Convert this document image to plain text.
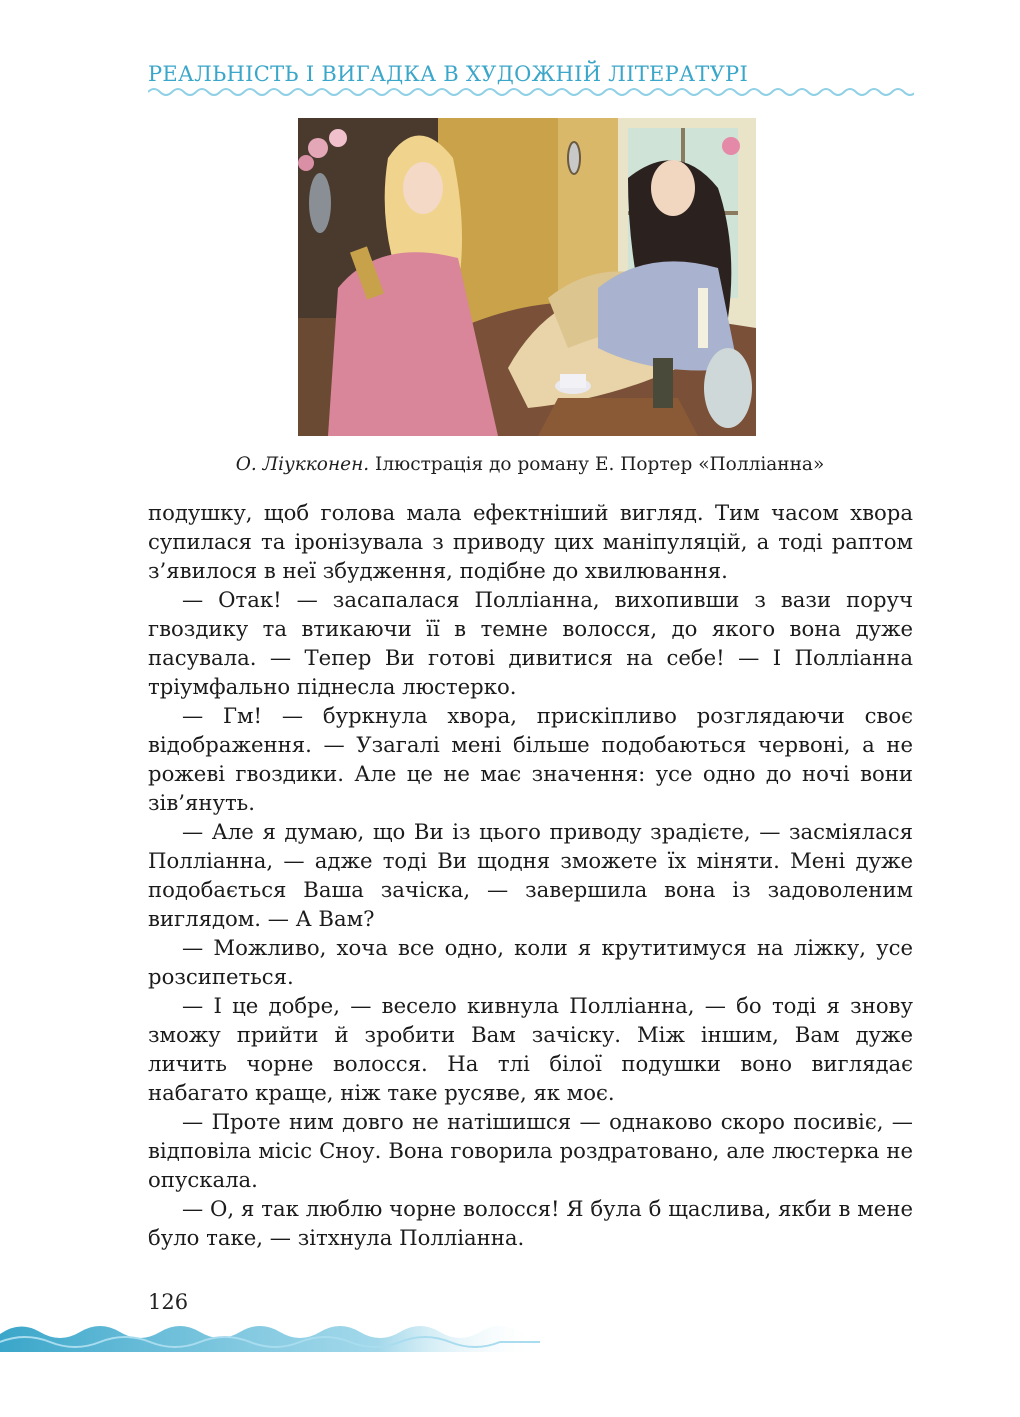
РЕАЛЬНІСТЬ І ВИГАДКА В ХУДОЖНІЙ ЛІТЕРАТУРІ
О. Ліукконен. Ілюстрація до роману Е. Портер «Полліанна»

подушку, щоб голова мала ефектніший вигляд. Тим часом хвора супилася та іронізувала з приводу цих маніпуляцій, а тоді раптом з’явилося в неї збудження, подібне до хвилювання.

— Отак! — засапалася Полліанна, вихопивши з вази поруч гвоздику та втикаючи її в темне волосся, до якого вона дуже пасувала. — Тепер Ви готові дивитися на себе! — І Полліанна тріумфально піднесла люстерко.

— Гм! — буркнула хвора, прискіпливо розглядаючи своє відображення. — Узагалі мені більше подобаються червоні, а не рожеві гвоздики. Але це не має значення: усе одно до ночі вони зів’януть.

— Але я думаю, що Ви із цього приводу зрадієте, — засміялася Полліанна, — адже тоді Ви щодня зможете їх міняти. Мені дуже подобається Ваша зачіска, — завершила вона із задоволеним виглядом. — А Вам?

— Можливо, хоча все одно, коли я крутитимуся на ліжку, усе розсипеться.

— І це добре, — весело кивнула Полліанна, — бо тоді я знову зможу прийти й зробити Вам зачіску. Між іншим, Вам дуже личить чорне волосся. На тлі білої подушки воно виглядає набагато краще, ніж таке русяве, як моє.

— Проте ним довго не натішишся — однаково скоро посивіє, — відповіла місіс Сноу. Вона говорила роздратовано, але люстерка не опускала.

— О, я так люблю чорне волосся! Я була б щаслива, якби в мене було таке, — зітхнула Полліанна.

126
